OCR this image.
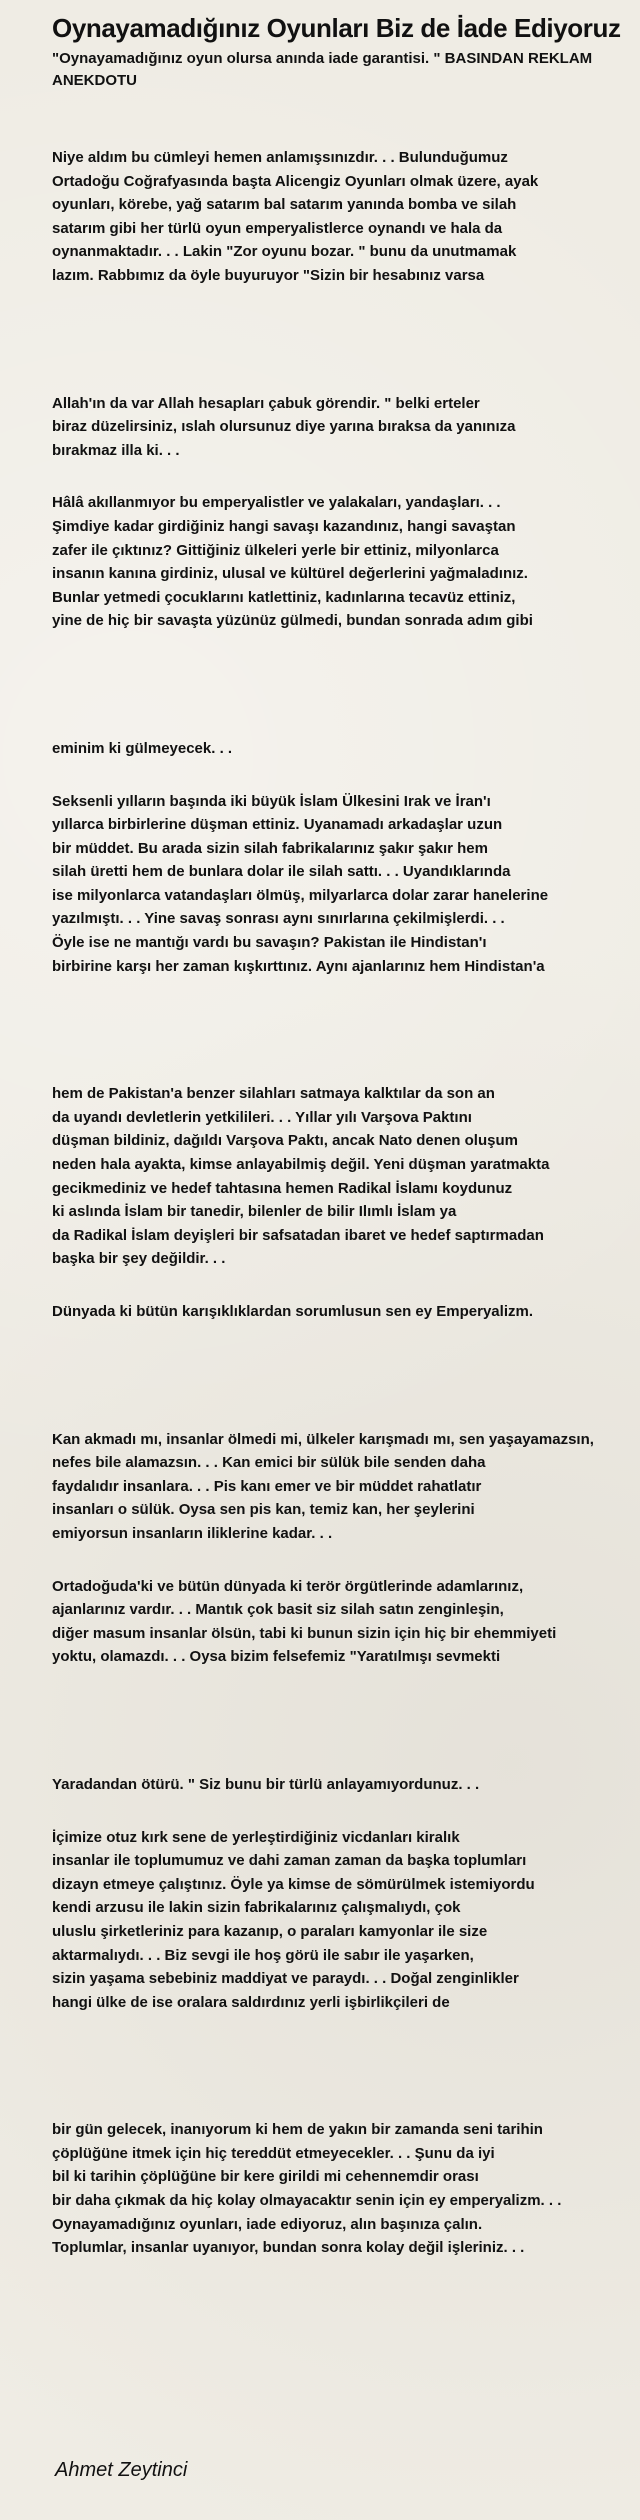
Oynayamadığınız Oyunları Biz de İade Ediyoruz
"Oynayamadığınız oyun olursa anında iade garantisi. " BASINDAN REKLAM ANEKDOTU
Niye aldım bu cümleyi hemen anlamışsınızdır. . . Bulunduğumuz
Ortadoğu Coğrafyasında başta Alicengiz Oyunları olmak üzere, ayak
oyunları, körebe, yağ satarım bal satarım yanında bomba ve silah
satarım gibi her türlü oyun emperyalistlerce oynandı ve hala da
oynanmaktadır. . . Lakin "Zor oyunu bozar. " bunu da unutmamak
lazım. Rabbımız da öyle buyuruyor "Sizin bir hesabınız varsa
Allah'ın da var Allah hesapları çabuk görendir. " belki erteler
biraz düzelirsiniz, ıslah olursunuz diye yarına bıraksa da yanınıza
bırakmaz illa ki. . .
Hâlâ akıllanmıyor bu emperyalistler ve yalakaları, yandaşları. . .
Şimdiye kadar girdiğiniz hangi savaşı kazandınız, hangi savaştan
zafer ile çıktınız? Gittiğiniz ülkeleri yerle bir ettiniz, milyonlarca
insanın kanına girdiniz, ulusal ve kültürel değerlerini yağmaladınız.
Bunlar yetmedi çocuklarını katlettiniz, kadınlarına tecavüz ettiniz,
yine de hiç bir savaşta yüzünüz gülmedi, bundan sonrada adım gibi
eminim ki gülmeyecek. . .
Seksenli yılların başında iki büyük İslam Ülkesini Irak ve İran'ı
yıllarca birbirlerine düşman ettiniz. Uyanamadı arkadaşlar uzun
bir müddet. Bu arada sizin silah fabrikalarınız şakır şakır hem
silah üretti hem de bunlara dolar ile silah sattı. . . Uyandıklarında
ise milyonlarca vatandaşları ölmüş, milyarlarca dolar zarar hanelerine
yazılmıştı. . . Yine savaş sonrası aynı sınırlarına çekilmişlerdi. . .
Öyle ise ne mantığı vardı bu savaşın? Pakistan ile Hindistan'ı
birbirine karşı her zaman kışkırttınız. Aynı ajanlarınız hem Hindistan'a
hem de Pakistan'a benzer silahları satmaya kalktılar da son an
da uyandı devletlerin yetkilileri. . . Yıllar yılı Varşova Paktını
düşman bildiniz, dağıldı Varşova Paktı, ancak Nato denen oluşum
neden hala ayakta, kimse anlayabilmiş değil. Yeni düşman yaratmakta
gecikmediniz ve hedef tahtasına hemen Radikal İslamı koydunuz
ki aslında İslam bir tanedir, bilenler de bilir Ilımlı İslam ya
da Radikal İslam deyişleri bir safsatadan ibaret ve hedef saptırmadan
başka bir şey değildir. . .
Dünyada ki bütün karışıklıklardan sorumlusun sen ey Emperyalizm.
Kan akmadı mı, insanlar ölmedi mi, ülkeler karışmadı mı, sen yaşayamazsın,
nefes bile alamazsın. . . Kan emici bir sülük bile senden daha
faydalıdır insanlara. . . Pis kanı emer ve bir müddet rahatlatır
insanları o sülük. Oysa sen pis kan, temiz kan, her şeylerini
emiyorsun insanların iliklerine kadar. . .
Ortadoğuda'ki ve bütün dünyada ki terör örgütlerinde adamlarınız,
ajanlarınız vardır. . . Mantık çok basit siz silah satın zenginleşin,
diğer masum insanlar ölsün, tabi ki bunun sizin için hiç bir ehemmiyeti
yoktu, olamazdı. . . Oysa bizim felsefemiz "Yaratılmışı sevmekti
Yaradandan ötürü. " Siz bunu bir türlü anlayamıyordunuz. . .
İçimize otuz kırk sene de yerleştirdiğiniz vicdanları kiralık
insanlar ile toplumumuz ve dahi zaman zaman da başka toplumları
dizayn etmeye çalıştınız. Öyle ya kimse de sömürülmek istemiyordu
kendi arzusu ile lakin sizin fabrikalarınız çalışmalıydı, çok
uluslu şirketleriniz para kazanıp, o paraları kamyonlar ile size
aktarmalıydı. . . Biz sevgi ile hoş görü ile sabır ile yaşarken,
sizin yaşama sebebiniz maddiyat ve paraydı. . . Doğal zenginlikler
hangi ülke de ise oralara saldırdınız yerli işbirlikçileri de
bir gün gelecek, inanıyorum ki hem de yakın bir zamanda seni tarihin
çöplüğüne itmek için hiç tereddüt etmeyecekler. . . Şunu da iyi
bil ki tarihin çöplüğüne bir kere girildi mi cehennemdir orası
bir daha çıkmak da hiç kolay olmayacaktır senin için ey emperyalizm. . .
Oynayamadığınız oyunları, iade ediyoruz, alın başınıza çalın.
Toplumlar, insanlar uyanıyor, bundan sonra kolay değil işleriniz. . .
Ahmet Zeytinci
